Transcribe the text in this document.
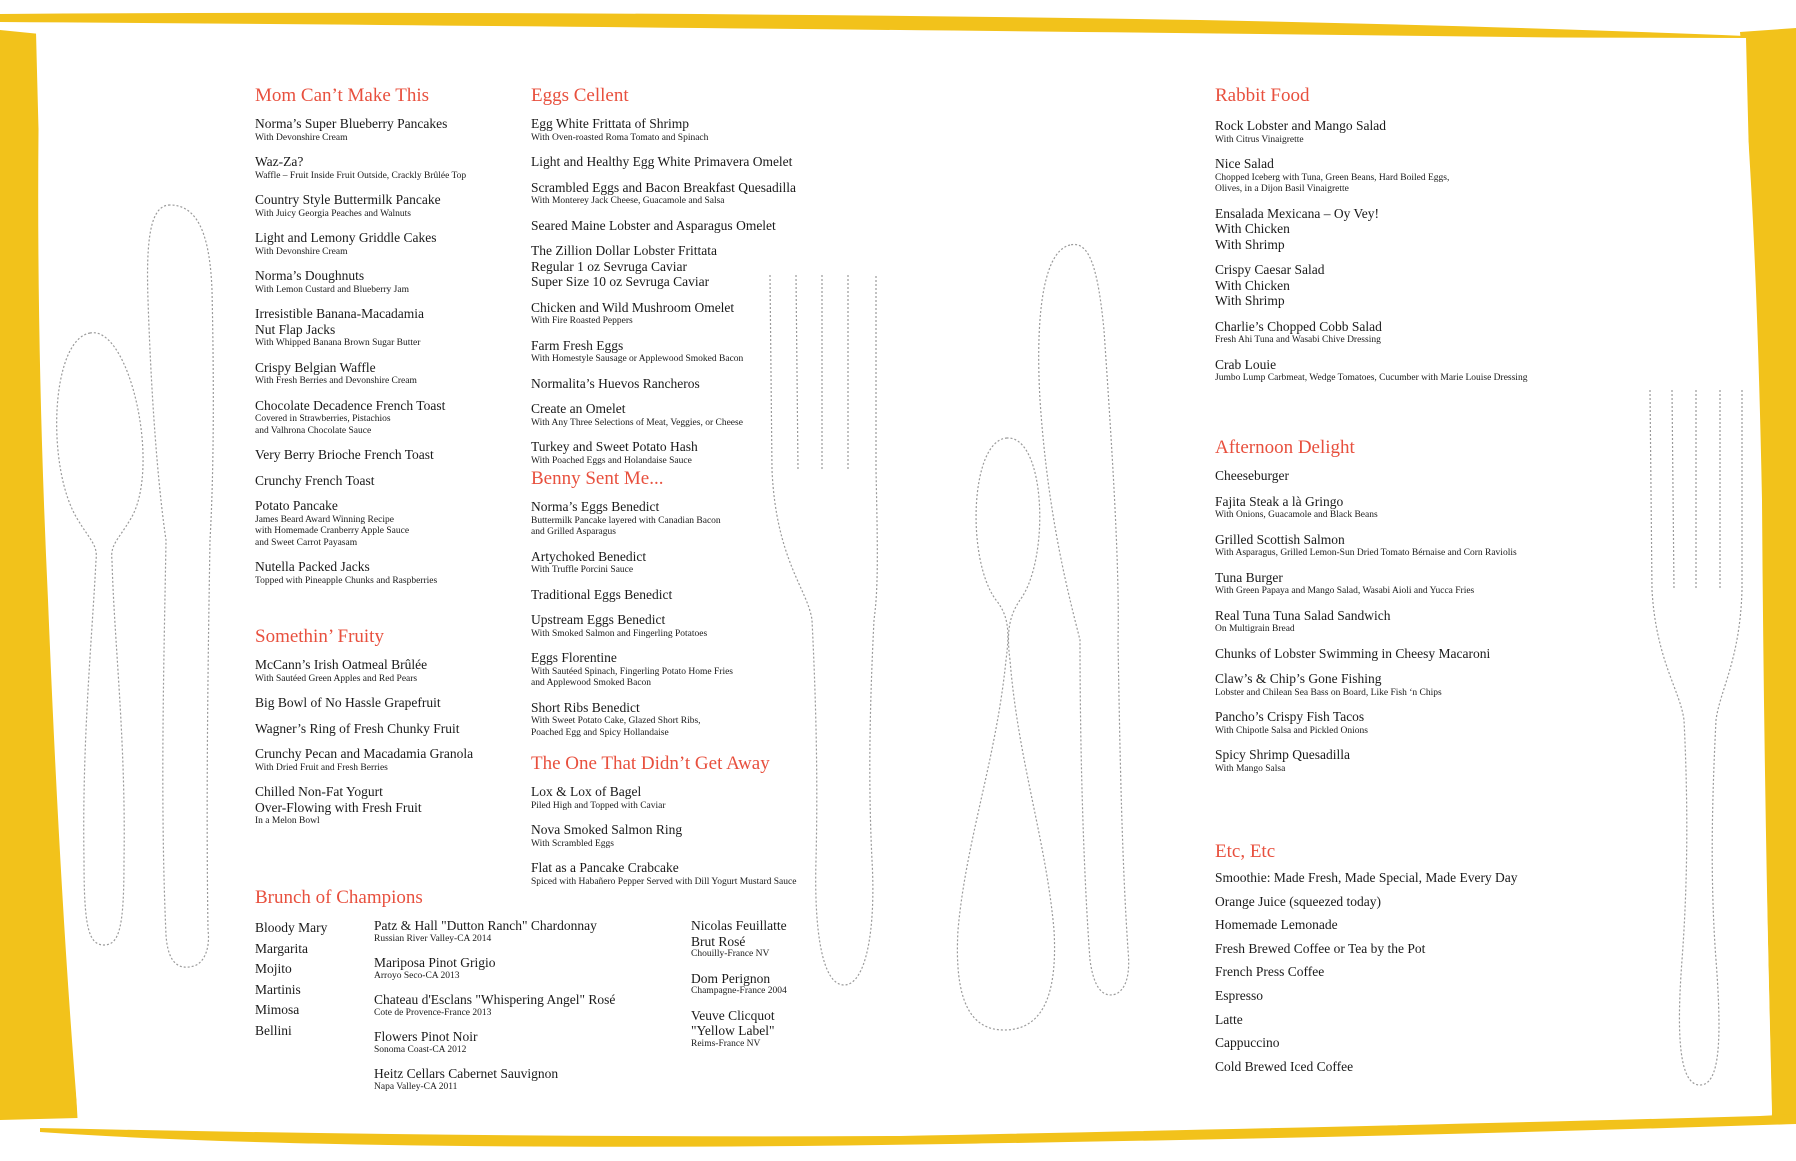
Mom Can’t Make This
Norma’s Super Blueberry Pancakes
With Devonshire Cream
Waz-Za?
Waffle – Fruit Inside Fruit Outside, Crackly Brûlée Top
Country Style Buttermilk Pancake
With Juicy Georgia Peaches and Walnuts
Light and Lemony Griddle Cakes
With Devonshire Cream
Norma’s Doughnuts
With Lemon Custard and Blueberry Jam
Irresistible Banana-Macadamia
Nut Flap Jacks
With Whipped Banana Brown Sugar Butter
Crispy Belgian Waffle
With Fresh Berries and Devonshire Cream
Chocolate Decadence French Toast
Covered in Strawberries, Pistachios
and Valhrona Chocolate Sauce
Very Berry Brioche French Toast
Crunchy French Toast
Potato Pancake
James Beard Award Winning Recipe
with Homemade Cranberry Apple Sauce
and Sweet Carrot Payasam
Nutella Packed Jacks
Topped with Pineapple Chunks and Raspberries
Somethin’ Fruity
McCann’s Irish Oatmeal Brûlée
With Sautéed Green Apples and Red Pears
Big Bowl of No Hassle Grapefruit
Wagner’s Ring of Fresh Chunky Fruit
Crunchy Pecan and Macadamia Granola
With Dried Fruit and Fresh Berries
Chilled Non-Fat Yogurt
Over-Flowing with Fresh Fruit
In a Melon Bowl
Eggs Cellent
Egg White Frittata of Shrimp
With Oven-roasted Roma Tomato and Spinach
Light and Healthy Egg White Primavera Omelet
Scrambled Eggs and Bacon Breakfast Quesadilla
With Monterey Jack Cheese, Guacamole and Salsa
Seared Maine Lobster and Asparagus Omelet
The Zillion Dollar Lobster Frittata
Regular 1 oz Sevruga Caviar
Super Size 10 oz Sevruga Caviar
Chicken and Wild Mushroom Omelet
With Fire Roasted Peppers
Farm Fresh Eggs
With Homestyle Sausage or Applewood Smoked Bacon
Normalita’s Huevos Rancheros
Create an Omelet
With Any Three Selections of Meat, Veggies, or Cheese
Turkey and Sweet Potato Hash
With Poached Eggs and Holandaise Sauce
Benny Sent Me...
Norma’s Eggs Benedict
Buttermilk Pancake layered with Canadian Bacon
and Grilled Asparagus
Artychoked Benedict
With Truffle Porcini Sauce
Traditional Eggs Benedict
Upstream Eggs Benedict
With Smoked Salmon and Fingerling Potatoes
Eggs Florentine
With Sautéed Spinach, Fingerling Potato Home Fries
and Applewood Smoked Bacon
Short Ribs Benedict
With Sweet Potato Cake, Glazed Short Ribs,
Poached Egg and Spicy Hollandaise
The One That Didn’t Get Away
Lox & Lox of Bagel
Piled High and Topped with Caviar
Nova Smoked Salmon Ring
With Scrambled Eggs
Flat as a Pancake Crabcake
Spiced with Habañero Pepper Served with Dill Yogurt Mustard Sauce
Brunch of Champions
Bloody Mary
Margarita
Mojito
Martinis
Mimosa
Bellini
Patz & Hall "Dutton Ranch" Chardonnay
Russian River Valley-CA 2014
Mariposa Pinot Grigio
Arroyo Seco-CA 2013
Chateau d'Esclans "Whispering Angel" Rosé
Cote de Provence-France 2013
Flowers Pinot Noir
Sonoma Coast-CA 2012
Heitz Cellars Cabernet Sauvignon
Napa Valley-CA 2011
Nicolas Feuillatte
Brut Rosé
Chouilly-France NV
Dom Perignon
Champagne-France 2004
Veuve Clicquot
"Yellow Label"
Reims-France NV
Rabbit Food
Rock Lobster and Mango Salad
With Citrus Vinaigrette
Nice Salad
Chopped Iceberg with Tuna, Green Beans, Hard Boiled Eggs,
Olives, in a Dijon Basil Vinaigrette
Ensalada Mexicana – Oy Vey!
With Chicken
With Shrimp
Crispy Caesar Salad
With Chicken
With Shrimp
Charlie’s Chopped Cobb Salad
Fresh Ahi Tuna and Wasabi Chive Dressing
Crab Louie
Jumbo Lump Carbmeat, Wedge Tomatoes, Cucumber with Marie Louise Dressing
Afternoon Delight
Cheeseburger
Fajita Steak a là Gringo
With Onions, Guacamole and Black Beans
Grilled Scottish Salmon
With Asparagus, Grilled Lemon-Sun Dried Tomato Bérnaise and Corn Raviolis
Tuna Burger
With Green Papaya and Mango Salad, Wasabi Aioli and Yucca Fries
Real Tuna Tuna Salad Sandwich
On Multigrain Bread
Chunks of Lobster Swimming in Cheesy Macaroni
Claw’s & Chip’s Gone Fishing
Lobster and Chilean Sea Bass on Board, Like Fish ‘n Chips
Pancho’s Crispy Fish Tacos
With Chipotle Salsa and Pickled Onions
Spicy Shrimp Quesadilla
With Mango Salsa
Etc, Etc
Smoothie: Made Fresh, Made Special, Made Every Day
Orange Juice (squeezed today)
Homemade Lemonade
Fresh Brewed Coffee or Tea by the Pot
French Press Coffee
Espresso
Latte
Cappuccino
Cold Brewed Iced Coffee
